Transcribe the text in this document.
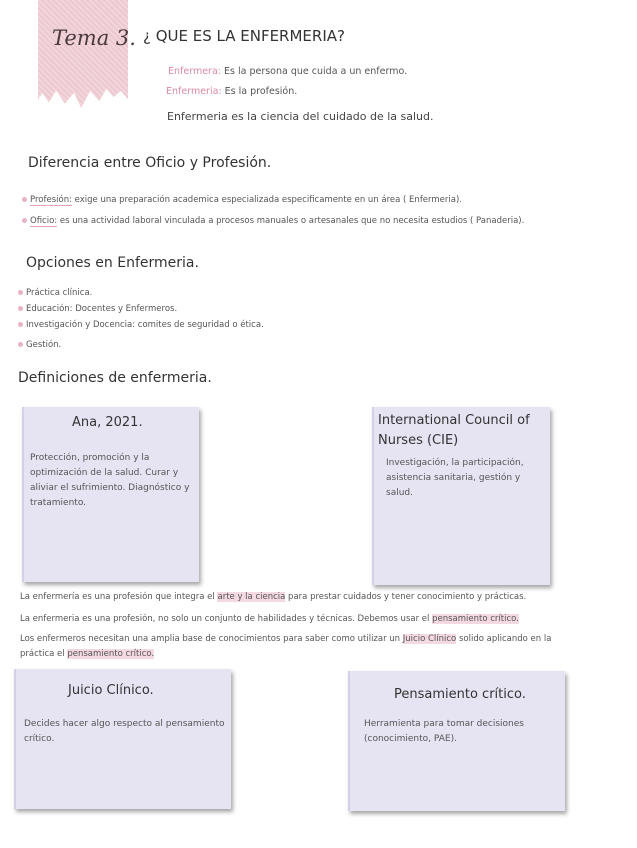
Tema 3. ¿ QUE ES LA ENFERMERIA?
Enfermera: Es la persona que cuida a un enfermo.
Enfermeria: Es la profesión.
Enfermeria es la ciencia del cuidado de la salud.
Diferencia entre Oficio y Profesión.
Profesión: exige una preparación academica especializada especificamente en un área ( Enfermeria).
Oficio: es una actividad laboral vinculada a procesos manuales o artesanales que no necesita estudios ( Panaderia).
Opciones en Enfermeria.
Práctica clínica.
Educación: Docentes y Enfermeros.
Investigación y Docencia: comites de seguridad o ética.
Gestión.
Definiciones de enfermeria.
Ana, 2021.
Protección, promoción y la
optimización de la salud. Curar y
aliviar el sufrimiento. Diagnóstico y
tratamiento.
International Council of
Nurses (CIE)
Investigación, la participación,
asistencia sanitaria, gestión y
salud.
La enfermería es una profesión que integra el arte y la ciencia para prestar cuidados y tener conocimiento y prácticas.
La enfermeria es una profesión, no solo un conjunto de habilidades y técnicas. Debemos usar el pensamiento crítico.
Los enfermeros necesitan una amplia base de conocimientos para saber como utilizar un Juicio Clínico solido aplicando en la
práctica el pensamiento crítico.
Juicio Clínico.
Decides hacer algo respecto al pensamiento
crítico.
Pensamiento crítico.
Herramienta para tomar decisiones
(conocimiento, PAE).
